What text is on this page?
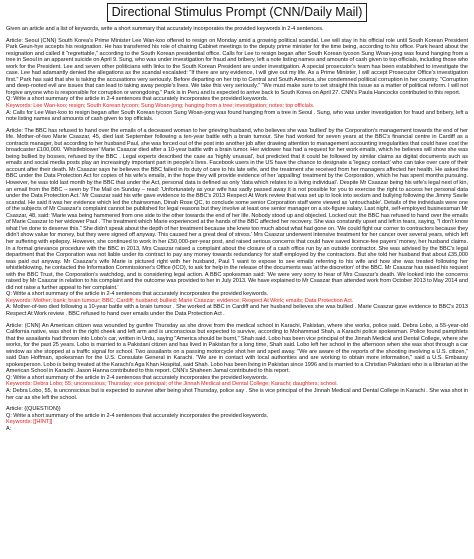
Directional Stimulus Prompt (CNN/Daily Mail)

Given an article and a list of keywords, write a short summary that accurately incorporates the provided keywords in 2-4 sentences.

Article: Seoul (CNN) South Korea's Prime Minister Lee Wan-koo offered to resign on Monday amid a growing political scandal. Lee will stay in his official role until South Korean President Park Geun-hye accepts his resignation. He has transferred his role of chairing Cabinet meetings to the deputy prime minister for the time being, according to his office. Park heard about the resignation and called it "regrettable," according to the South Korean presidential office. Calls for Lee to resign began after South Korean tycoon Sung Woan-jong was found hanging from a tree in Seoul in an apparent suicide on April 9. Sung, who was under investigation for fraud and bribery, left a note listing names and amounts of cash given to top officials, including those who work for the President. Lee and seven other politicians with links to the South Korean President are under investigation. A special prosecutor's team has been established to investigate the case. Lee had adamantly denied the allegations as the scandal escalated: "If there are any evidence, I will give out my life. As a Prime Minister, I will accept Prosecutor Office's investigation first." Park has said that she is taking the accusations very seriously. Before departing on her trip to Central and South America, she condemned political corruption in her country. "Corruption and deep-rooted evil are issues that can lead to taking away people's lives. We take this very seriously." "We must make sure to set straight this issue as a matter of political reform. I will not forgive anyone who is responsible for corruption or wrongdoing." Park is in Peru and is expected to arrive back to South Korea on April 27. CNN's Paula Hancocks contributed to this report.

Q: Write a short summary of the article in 2-4 sentences that accurately incorporates the provided keywords.

Keywords: Lee Wan-koo; resign; South Korean tycoon; Sung Woan-jong; hanging from a tree; investigation; notes; top officials.

A: Calls for Lee Wan-koo to resign began after South Korean tycoon Sung Woan-jong was found hanging from a tree in Seoul . Sung, who was under investigation for fraud and bribery, left a note listing names and amounts of cash given to top officials.

Article: The BBC has refused to hand over the emails of a deceased woman to her grieving husband, who believes she was 'bullied' by the Corporation's management towards the end of her life. Mother-of-two Marie Csaszar, 45, died last September following a ten-year battle with a brain tumour. She had worked for seven years at the BBC's financial centre in Cardiff as a contracts manager, but according to her husband Paul, she was forced out of the post into another job after drawing attention to management accounting irregularities that could have cost the broadcaster £100,000. 'Whistleblower' Marie Csaszar died after a 10-year battle with a brain tumor. Her widower has had a request for her work emails, which he believes will show she was being bullied by bosses, refused by the BBC . Legal experts described the case as 'highly unusual', but predicted that it could be followed by similar claims as digital documents such as emails and social media posts play an increasingly important part in people's lives. Facebook users in the US have the chance to designate a 'legacy contact' who can take over care of their account after their death. Mr Csaszar says he believes the BBC failed in its duty of care to his late wife, and the treatment she received from her managers affected her health. He asked the BBC under the Data Protection Act for copies of his wife's emails, in the hope they will provide evidence of her 'appalling' treatment by the Corporation, which he has spent months pursuing. However, he was told last month by the BBC that under the Act, personal data is defined as only 'data which relates to a living individual'. Despite Mr Csaszar being his wife's legal next of kin, an email from the BBC – seen by The Mail on Sunday – read: 'Unfortunately as your wife has sadly passed away it is not possible for you to exercise the right to access her personal data under the Data Protection Act.' Mr Csaszar said his wife gave evidence to the BBC's 2013 Respect At Work review that was set up to look into sexism and bullying following the Jimmy Savile scandal. He said it was her evidence which led the chairwoman, Dinah Rose QC, to conclude some senior Corporation staff were viewed as 'untouchable'. Details of the individuals were one of the subjects of Mr Csaszar's complaint cannot be published for legal reasons but they involve at least one senior manager on a six-figure salary. Last night, self-employed businessman Mr Csaszar, 48, said: 'Marie was being hammered from one side to the other towards the end of her life. Nobody stood up and objected. Locked out: the BBC has refused to hand over the emails of Marie Csaszar to her widower Paul . 'The treatment which Marie experienced at the hands of the BBC affected her recovery. She was constantly upset and left in tears, saying, "I don't know what I've done to deserve this." She didn't speak about the depth of her treatment because she knew too much about what had gone on. 'We could fight our corner to contractors because they didn't show value for money, but they were signed off anyway. This caused her a great deal of stress.' Mrs Csaszar underwent intensive treatment for her cancer over several years, which left her suffering with epilepsy. However, she continued to work in her £50,000-per-year post, and raised serious concerns that could have saved licence-fee payers' money, her husband claims. In a formal grievance procedure with the BBC in 2013, Mrs Csaszar raised a complaint about the closure of a cash office run by an outside contractor. She was advised by the BBC's legal department that the Corporation was not liable under its contract to pay any money towards redundancy for staff employed by the contractors. But she told her husband that about £35,000 was paid out anyway. Mr Csaszar's wife Marie is pictured right with her husband, Paul 'I want to expose to see emails referring to his wife and how she was treated following her whistleblowing, he contacted the Information Commissioner's Office (ICO), to ask for help in the release of the documents was 'at the discretion' of the BBC. Mr Csaszar has raised his request with the BBC Trust, the Corporation's watchdog, and is considering legal action. A BBC spokesman said: 'We were very sorry to hear of Mrs Csaszar's death. We looked into the concerns raised by Mr Csaszar in relation to his complaint and the outcome was provided to her in July 2013. We have explained to Mr Csaszar than attended work from October 2013 to May 2014 and did not raise a further appeal to her complaint.'

Q: Write a short summary of the article in 2-4 sentences that accurately incorporates the provided keywords.

Keywords: Mother; bank; brain tumour; BBC; Cardiff; husband; bullied; Marie Csaszar; evidence; Respect At Work; emails; Data Protection Act.

A: Mother-of-two died following a 10-year battle with a brain tumour . She worked at BBC in Cardiff and her husband believes she was bullied . Marie Csaszar gave evidence to BBC's 2013 Respect At Work review . BBC refused to hand over emails under the Data Protection Act .

Article: (CNN) An American citizen was wounded by gunfire Thursday as she drove from the medical school in Karachi, Pakistan, where she works, police said. Debra Lobo, a 55-year-old California native, was shot in the right cheek and left arm and is unconscious but expected to survive, according to Mohammad Shah, a Karachi police spokesman. Police found pamphlets that the assailants had thrown into Lobo's car, written in Urdu, saying "America should be burnt," Shah said. Lobo has been vice principal of the Jinnah Medical and Dental College, where she works, for the past 25 years. Lobo is married to a Pakistani citizen and has lived in Pakistan for a long time, Shah said. Lobo left her school in the afternoon when she was shot through a car window as she stopped at a traffic signal for school. Two assailants on a passing motorcycle shot her and sped away. "We are aware of the reports of the shooting involving a U.S. citizen," said Dan Hoffman, spokesman for the U.S. Consulate General in Karachi. "We are in contact with local authorities and are working to obtain more information," said a U.S. Embassy spokesperson. Lobo is being treated at the Karachi's Aga Khan Hospital, said Shah. Lobo has been living in Pakistan since 1996 and is married to a Christian Pakistani who is a librarian at the American School in Karachi. Jason Hanna contributed to this report. CNN's Shaheen Jamal contributed to this report.

Q: Write a short summary of the article in 2-4 sentences that accurately incorporates the provided keywords.

Keywords: Debra Lobo; 55; unconscious; Thursday; vice principal; of the Jinnah Medical and Dental College; Karachi; daughters; school.

A: Debra Lobo, 55, is unconscious but is expected to survive after being shot Thursday, police say . She is vice principal of the Jinnah Medical and Dental College in Karachi . She was shot in her car as she left the school.

Article: {{QUESTION}}

Q: Write a short summary of the article in 2-4 sentences that accurately incorporates the provided keywords.

Keywords: [[HINT]]

A:
